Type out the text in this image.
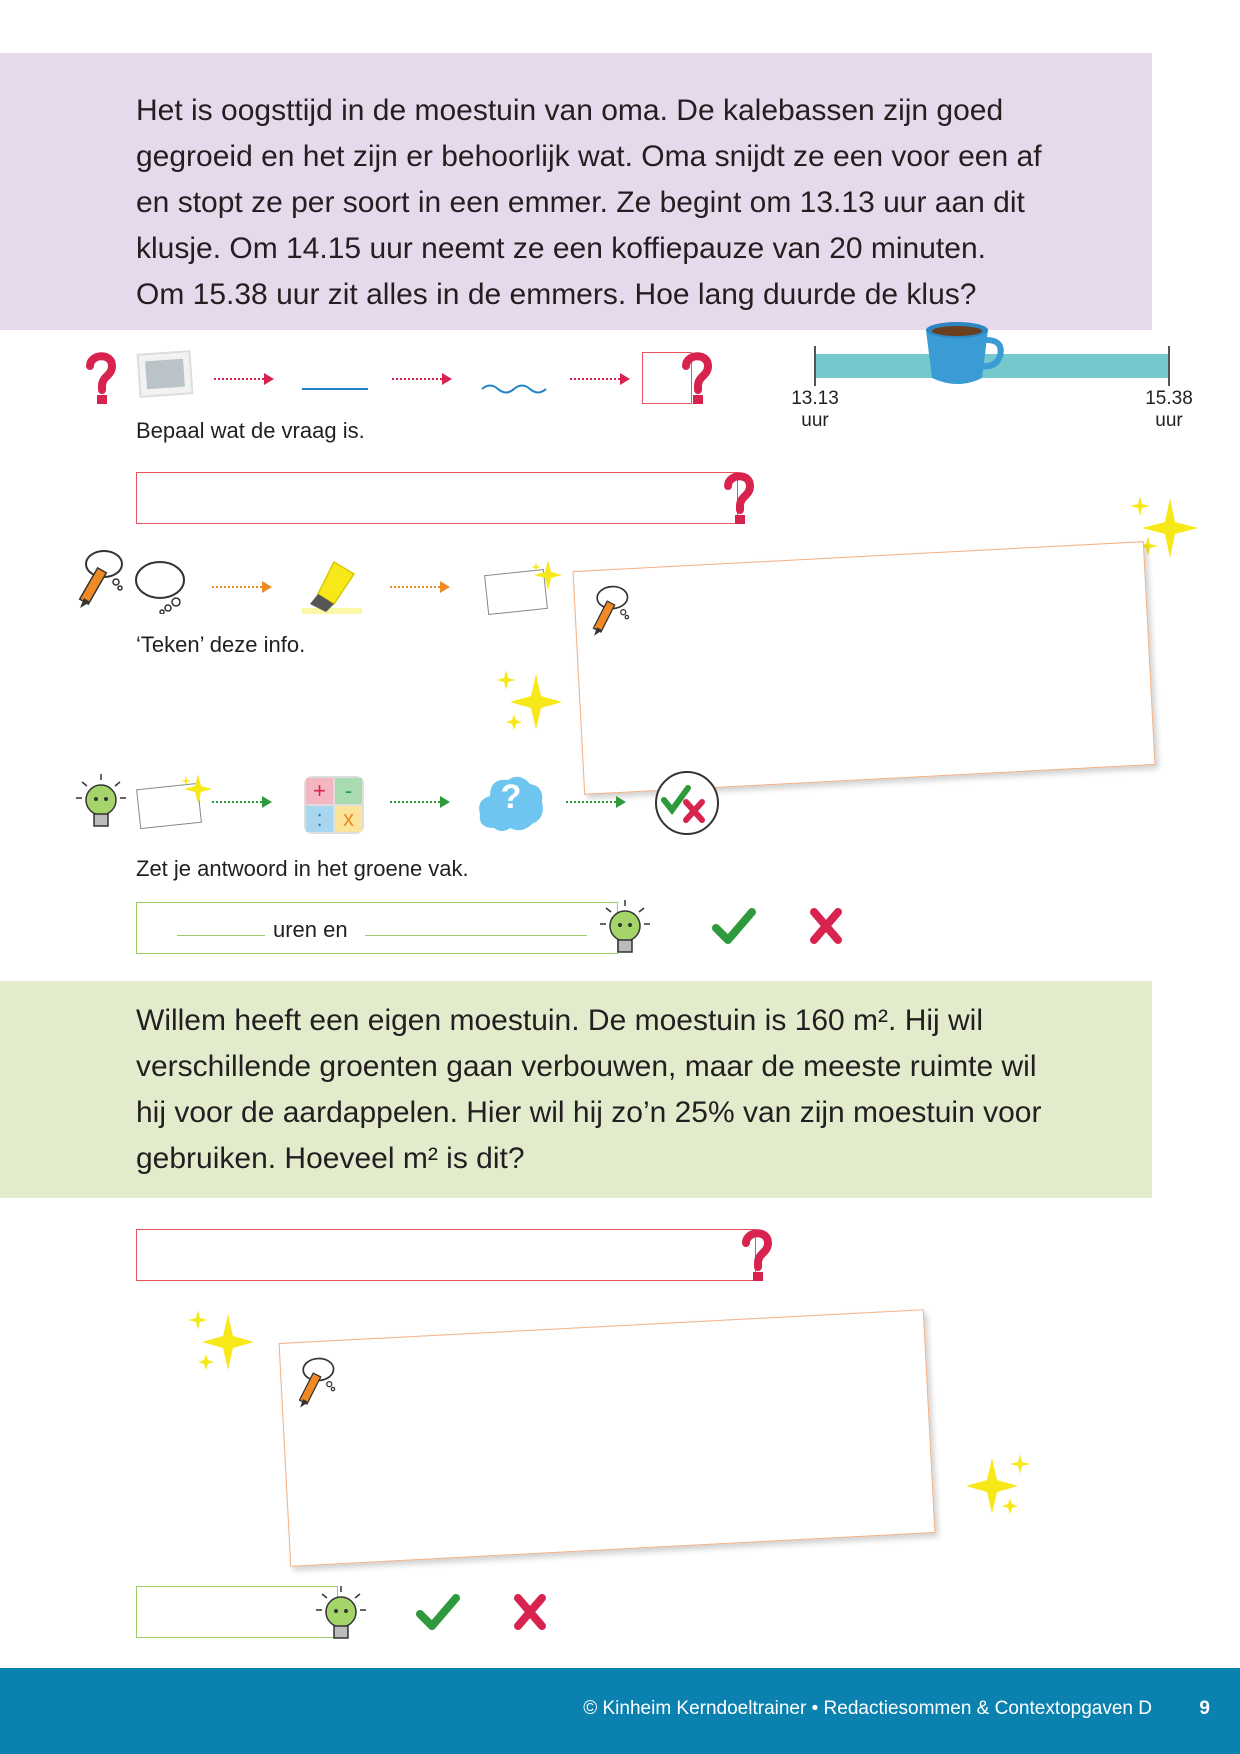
Het is oogsttijd in de moestuin van oma. De kalebassen zijn goed
gegroeid en het zijn er behoorlijk wat. Oma snijdt ze een voor een af
en stopt ze per soort in een emmer. Ze begint om 13.13 uur aan dit
klusje. Om 14.15 uur neemt ze een koffiepauze van 20 minuten.
Om 15.38 uur zit alles in de emmers. Hoe lang duurde de klus?
Bepaal wat de vraag is.
13.13
uur
15.38
uur
‘Teken’ deze info.
+ -
: x
?
Zet je antwoord in het groene vak.
uren en
Willem heeft een eigen moestuin. De moestuin is 160 m². Hij wil
verschillende groenten gaan verbouwen, maar de meeste ruimte wil
hij voor de aardappelen. Hier wil hij zo’n 25% van zijn moestuin voor
gebruiken. Hoeveel m² is dit?
© Kinheim Kerndoeltrainer • Redactiesommen & Contextopgaven D 9
